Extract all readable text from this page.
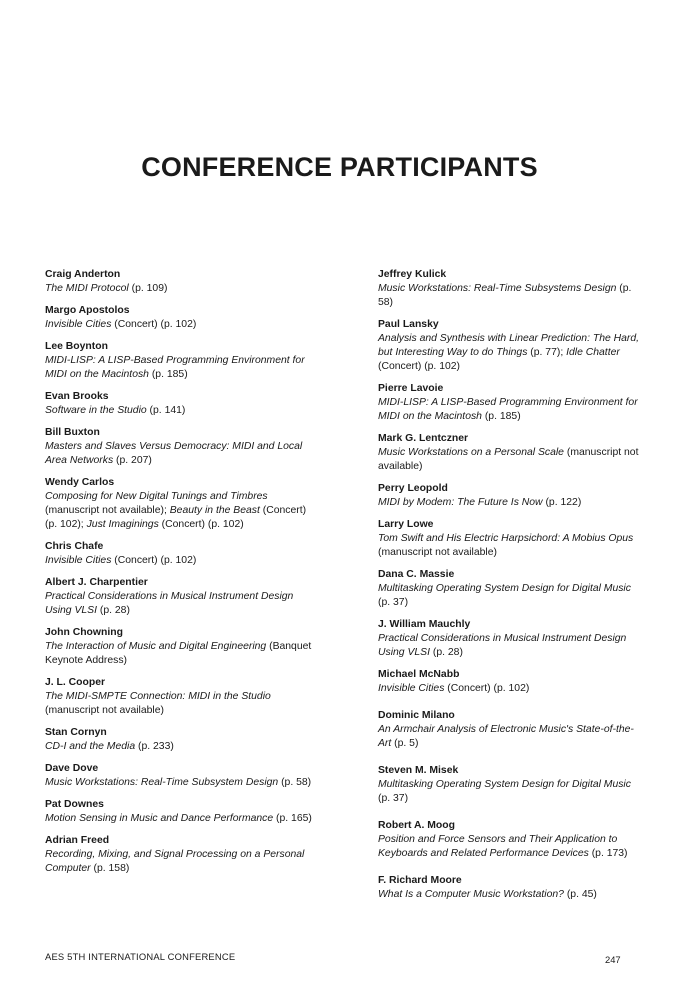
CONFERENCE PARTICIPANTS
Craig Anderton
The MIDI Protocol (p. 109)
Margo Apostolos
Invisible Cities (Concert) (p. 102)
Lee Boynton
MIDI-LISP: A LISP-Based Programming Environment for MIDI on the Macintosh (p. 185)
Evan Brooks
Software in the Studio (p. 141)
Bill Buxton
Masters and Slaves Versus Democracy: MIDI and Local Area Networks (p. 207)
Wendy Carlos
Composing for New Digital Tunings and Timbres (manuscript not available); Beauty in the Beast (Concert) (p. 102); Just Imaginings (Concert) (p. 102)
Chris Chafe
Invisible Cities (Concert) (p. 102)
Albert J. Charpentier
Practical Considerations in Musical Instrument Design Using VLSI (p. 28)
John Chowning
The Interaction of Music and Digital Engineering (Banquet Keynote Address)
J. L. Cooper
The MIDI-SMPTE Connection: MIDI in the Studio (manuscript not available)
Stan Cornyn
CD-I and the Media (p. 233)
Dave Dove
Music Workstations: Real-Time Subsystem Design (p. 58)
Pat Downes
Motion Sensing in Music and Dance Performance (p. 165)
Adrian Freed
Recording, Mixing, and Signal Processing on a Personal Computer (p. 158)
Jeffrey Kulick
Music Workstations: Real-Time Subsystems Design (p. 58)
Paul Lansky
Analysis and Synthesis with Linear Prediction: The Hard, but Interesting Way to do Things (p. 77); Idle Chatter (Concert) (p. 102)
Pierre Lavoie
MIDI-LISP: A LISP-Based Programming Environment for MIDI on the Macintosh (p. 185)
Mark G. Lentczner
Music Workstations on a Personal Scale (manuscript not available)
Perry Leopold
MIDI by Modem: The Future Is Now (p. 122)
Larry Lowe
Tom Swift and His Electric Harpsichord: A Mobius Opus (manuscript not available)
Dana C. Massie
Multitasking Operating System Design for Digital Music (p. 37)
J. William Mauchly
Practical Considerations in Musical Instrument Design Using VLSI (p. 28)
Michael McNabb
Invisible Cities (Concert) (p. 102)
Dominic Milano
An Armchair Analysis of Electronic Music's State-of-the-Art (p. 5)
Steven M. Misek
Multitasking Operating System Design for Digital Music (p. 37)
Robert A. Moog
Position and Force Sensors and Their Application to Keyboards and Related Performance Devices (p. 173)
F. Richard Moore
What Is a Computer Music Workstation? (p. 45)
AES 5TH INTERNATIONAL CONFERENCE	247
